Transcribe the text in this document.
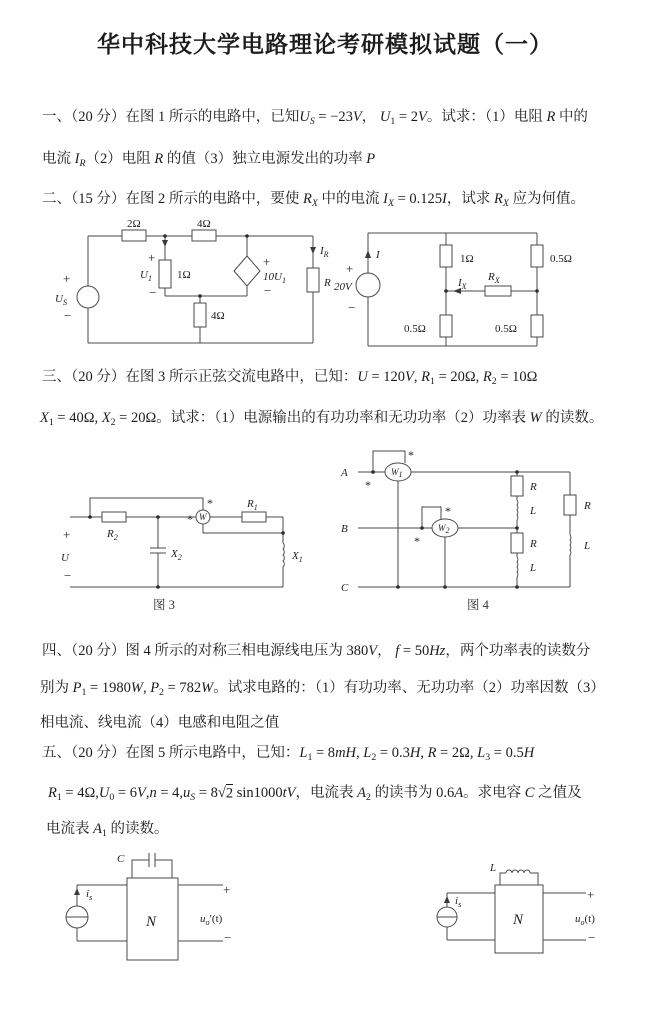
华中科技大学电路理论考研模拟试题（一）
一、（20 分）在图 1 所示的电路中，已知$U_S = -23V$， $U_1 = 2V$。试求：（1）电阻 R 中的
电流 $I_R(2)$电阻 R 的值（3）独立电源发出的功率 P
二、（15 分）在图 2 所示的电路中，要使 $R_X$ 中的电流 $I_X = 0.125I$，试求 $R_X$ 应为何值。
2Ω	4Ω
1Ω
4Ω
+
$U_1$
−
+
$10U_1$
−
+
$U_S$
−
$I_R$
R
I
+
20V
−
1Ω
0.5Ω
0.5Ω
0.5Ω
$R_X$
$I_X$
三、（20 分）在图 3 所示正弦交流电路中，已知：U = 120V, $R_1 = 20\Omega$, $R_2 = 10\Omega$
$X_1 = 40\Omega$, $X_2 = 20\Omega$。试求：（1）电源输出的有功功率和无功功率（2）功率表 W 的读数。
+
U
−
$R_2$
$X_2$
W
*
*
$R_1$
$X_1$
图 3
A
B
C
W1
W2
*
*
*
*
R
L
R
L
R
L
图 4
四、（20 分）图 4 所示的对称三相电源线电压为 380V， f = 50Hz，两个功率表的读数分
别为 $P_1 = 1980W$, $P_2 = 782W$。试求电路的：（1）有功功率、无功功率（2）功率因数（3）
相电流、线电流（4）电感和电阻之值
五、（20 分）在图 5 所示电路中，已知：$L_1 = 8mH$, $L_2 = 0.3H$, R = 2Ω, $L_3 = 0.5H$
$R_1 = 4\Omega,U_0 = 6V,n = 4,u_S = 8√2$ sin1000tV，电流表 $A_2$ 的读书为 0.6A。求电容 C 之值及
电流表 $A_1$ 的读数。
$i_s$
C
N
+
$u_o'(t)$
−
$i_s$
L
N
+
$u_o(t)$
−
